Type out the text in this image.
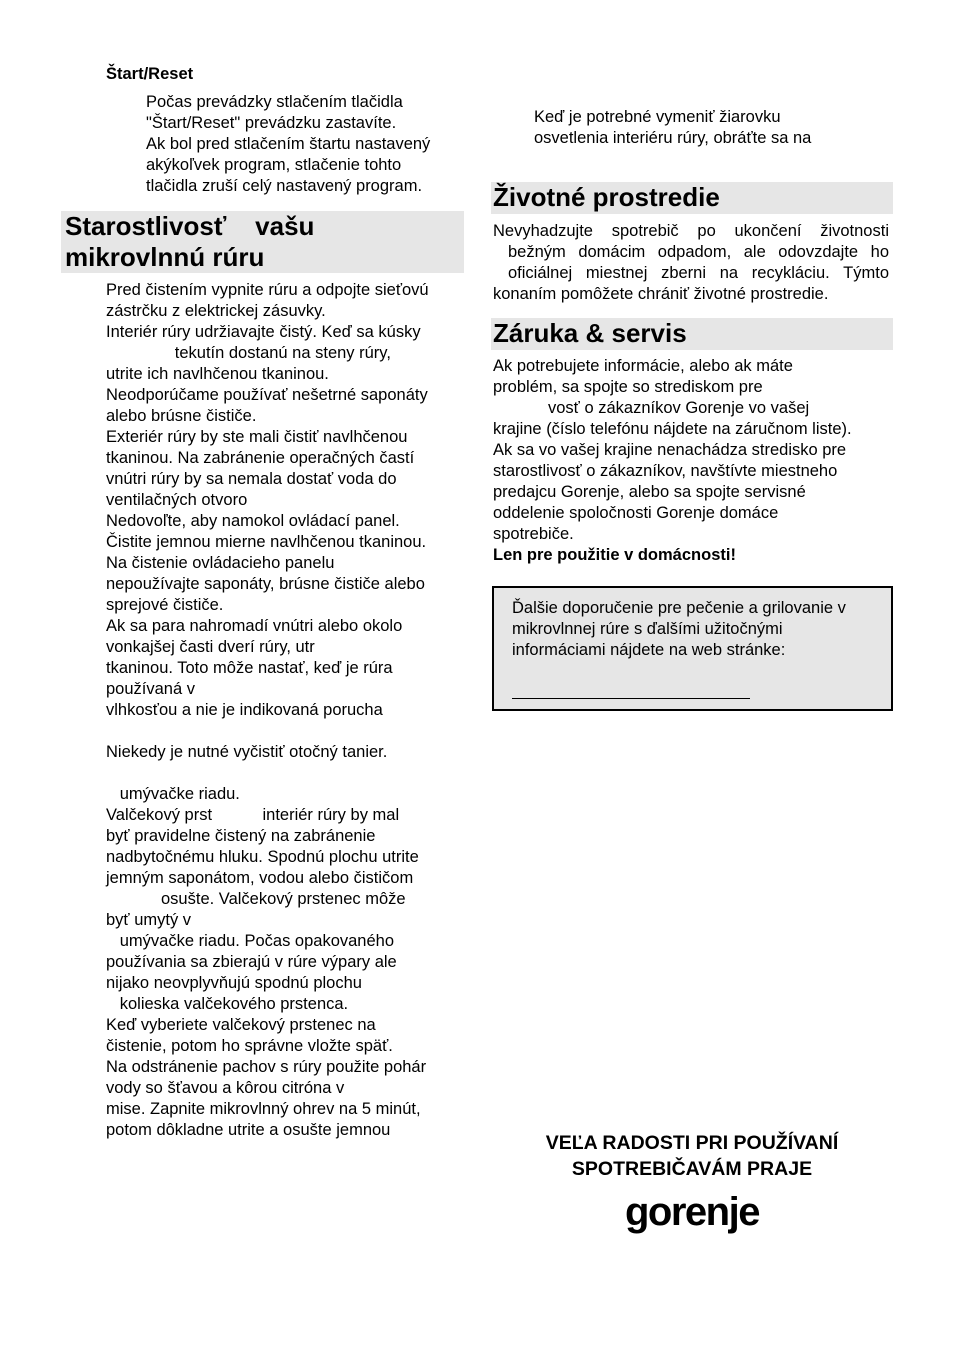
Štart/Reset
Počas prevádzky stlačením tlačidla
"Štart/Reset" prevádzku zastavíte.
Ak bol pred stlačením štartu nastavený
akýkoľvek program, stlačenie tohto
tlačidla zruší celý nastavený program.
Starostlivosť    vašu
mikrovlnnú rúru
Pred čistením vypnite rúru a odpojte sieťovú
zástrčku z elektrickej zásuvky.
Interiér rúry udržiavajte čistý. Keď sa kúsky
tekutín dostanú na steny rúry,
utrite ich navlhčenou tkaninou.
Neodporúčame používať nešetrné saponáty
alebo brúsne čističe.
Exteriér rúry by ste mali čistiť navlhčenou
tkaninou. Na zabránenie operačných častí
vnútri rúry by sa nemala dostať voda do
ventilačných otvoro
Nedovoľte, aby namokol ovládací panel.
Čistite jemnou mierne navlhčenou tkaninou.
Na čistenie ovládacieho panelu
nepoužívajte saponáty, brúsne čističe alebo
sprejové čističe.
Ak sa para nahromadí vnútri alebo okolo
vonkajšej časti dverí rúry, utr
tkaninou. Toto môže nastať, keď je rúra
používaná v
vlhkosťou a nie je indikovaná porucha
Niekedy je nutné vyčistiť otočný tanier.
umývačke riadu.
Valčekový prst           interiér rúry by mal
byť pravidelne čistený na zabránenie
nadbytočnému hluku. Spodnú plochu utrite
jemným saponátom, vodou alebo čističom
osušte. Valčekový prstenec môže
byť umytý v
umývačke riadu. Počas opakovaného
používania sa zbierajú v rúre výpary ale
nijako neovplyvňujú spodnú plochu
kolieska valčekového prstenca.
Keď vyberiete valčekový prstenec na
čistenie, potom ho správne vložte späť.
Na odstránenie pachov s rúry použite pohár
vody so šťavou a kôrou citróna v
mise. Zapnite mikrovlnný ohrev na 5 minút,
potom dôkladne utrite a osušte jemnou
Keď je potrebné vymeniť žiarovku
osvetlenia interiéru rúry, obráťte sa na
Životné prostredie
Nevyhadzujte spotrebič po ukončení životnosti
bežným domácim odpadom, ale odovzdajte ho
oficiálnej miestnej zberni na recykláciu. Týmto
konaním pomôžete chrániť životné prostredie.
Záruka & servis
Ak potrebujete informácie, alebo ak máte
problém, sa spojte so strediskom pre
vosť o zákazníkov Gorenje vo vašej
krajine (číslo telefónu nájdete na záručnom liste).
Ak sa vo vašej krajine nenachádza stredisko pre
starostlivosť o zákazníkov, navštívte miestneho
predajcu Gorenje, alebo sa spojte servisné
oddelenie spoločnosti Gorenje domáce
spotrebiče.
Len pre použitie v domácnosti!
Ďalšie doporučenie pre pečenie a grilovanie v
mikrovlnnej rúre s ďalšími užitočnými
informáciami nájdete na web stránke:
VEĽA RADOSTI PRI POUŽÍVANÍ
SPOTREBIČAVÁM PRAJE
gorenje
